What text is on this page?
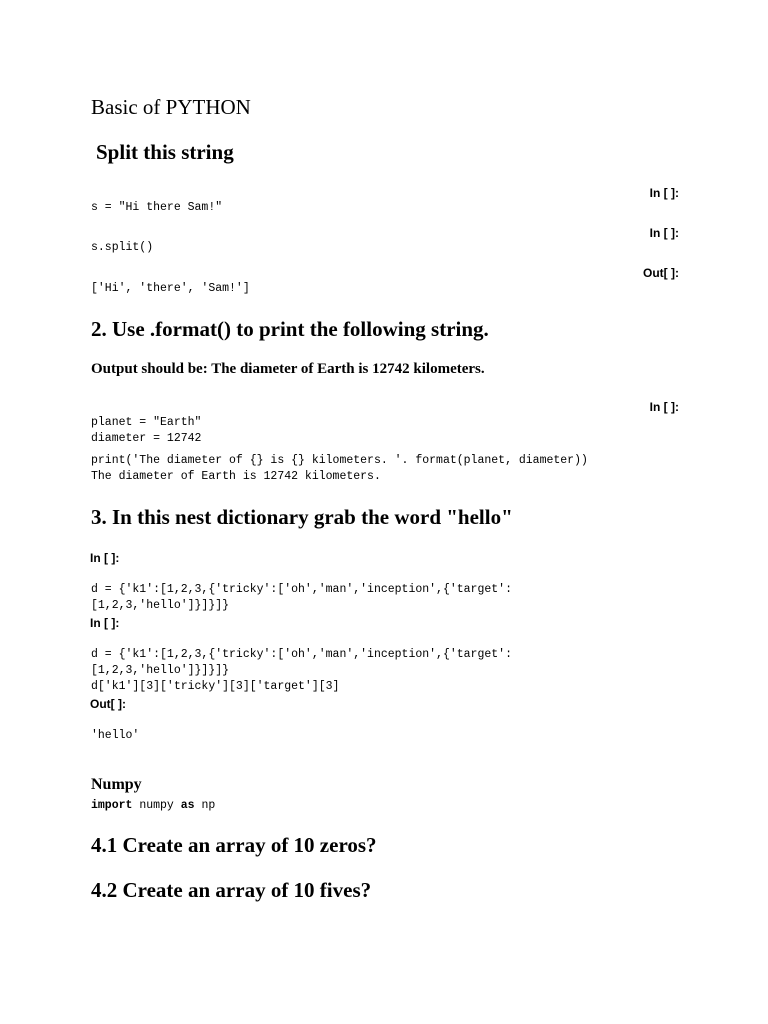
Basic of PYTHON
Split this string
In [ ]:
s = "Hi there Sam!"
In [ ]:
s.split()
Out[ ]:
['Hi', 'there', 'Sam!']
2. Use .format() to print the following string.

Output should be: The diameter of Earth is 12742 kilometers.

In [ ]:
planet = "Earth"
diameter = 12742
print('The diameter of {} is {} kilometers. '. format(planet, diameter))
The diameter of Earth is 12742 kilometers.
3. In this nest dictionary grab the word "hello"
In [ ]:
d = {'k1':[1,2,3,{'tricky':['oh','man','inception',{'target':
[1,2,3,'hello']}]}]}
In [ ]:
d = {'k1':[1,2,3,{'tricky':['oh','man','inception',{'target':
[1,2,3,'hello']}]}]}
d['k1'][3]['tricky'][3]['target'][3]
Out[ ]:
'hello'
Numpy
import numpy as np
4.1 Create an array of 10 zeros?
4.2 Create an array of 10 fives?
